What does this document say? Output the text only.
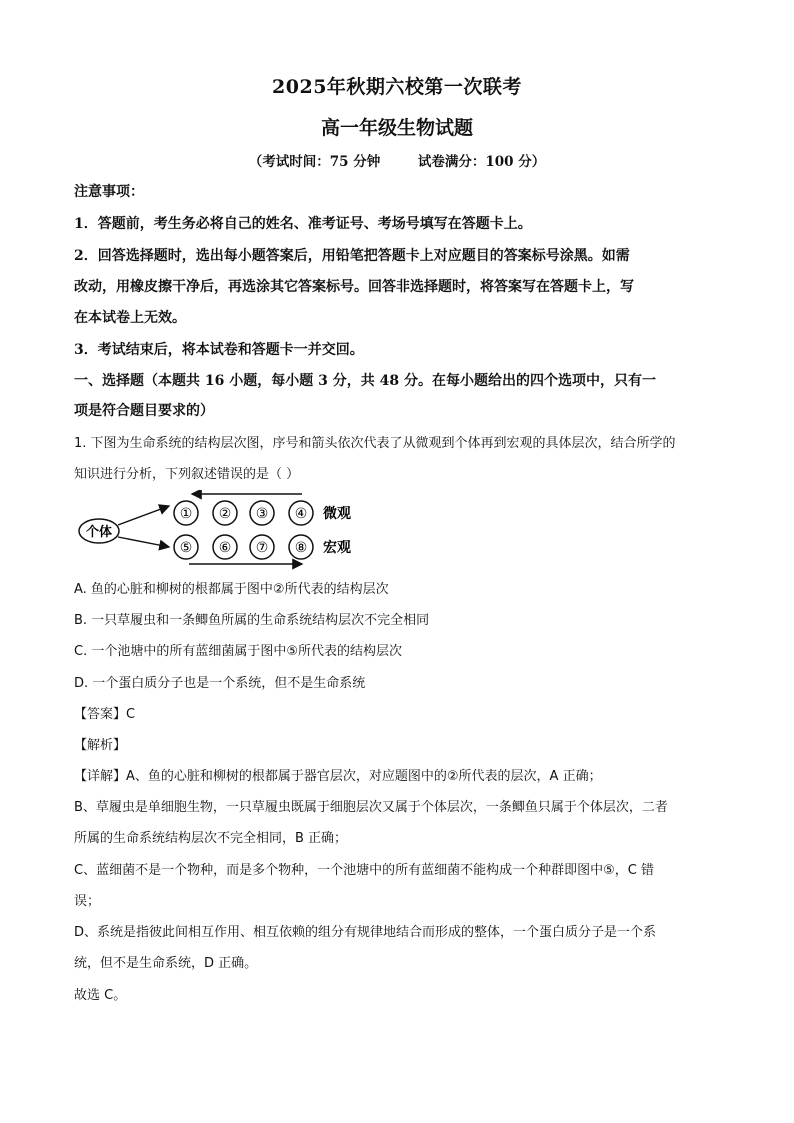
2025年秋期六校第一次联考
高一年级生物试题
（考试时间：75 分钟        试卷满分：100 分）
注意事项：
1．答题前，考生务必将自己的姓名、准考证号、考场号填写在答题卡上。
2．回答选择题时，选出每小题答案后，用铅笔把答题卡上对应题目的答案标号涂黑。如需
改动，用橡皮擦干净后，再选涂其它答案标号。回答非选择题时，将答案写在答题卡上，写
在本试卷上无效。
3．考试结束后，将本试卷和答题卡一并交回。
一、选择题（本题共 16 小题，每小题 3 分，共 48 分。在每小题给出的四个选项中，只有一
项是符合题目要求的）
1. 下图为生命系统的结构层次图，序号和箭头依次代表了从微观到个体再到宏观的具体层次，结合所学的
知识进行分析，下列叙述错误的是（ ）
个体
① ② ③ ④
⑤ ⑥ ⑦ ⑧
微观
宏观
A. 鱼的心脏和柳树的根都属于图中②所代表的结构层次
B. 一只草履虫和一条鲫鱼所属的生命系统结构层次不完全相同
C. 一个池塘中的所有蓝细菌属于图中⑤所代表的结构层次
D. 一个蛋白质分子也是一个系统，但不是生命系统
【答案】C
【解析】
【详解】A、鱼的心脏和柳树的根都属于器官层次，对应题图中的②所代表的层次，A 正确；
B、草履虫是单细胞生物，一只草履虫既属于细胞层次又属于个体层次，一条鲫鱼只属于个体层次，二者
所属的生命系统结构层次不完全相同，B 正确；
C、蓝细菌不是一个物种，而是多个物种，一个池塘中的所有蓝细菌不能构成一个种群即图中⑤，C 错
误；
D、系统是指彼此间相互作用、相互依赖的组分有规律地结合而形成的整体，一个蛋白质分子是一个系
统，但不是生命系统，D 正确。
故选 C。
